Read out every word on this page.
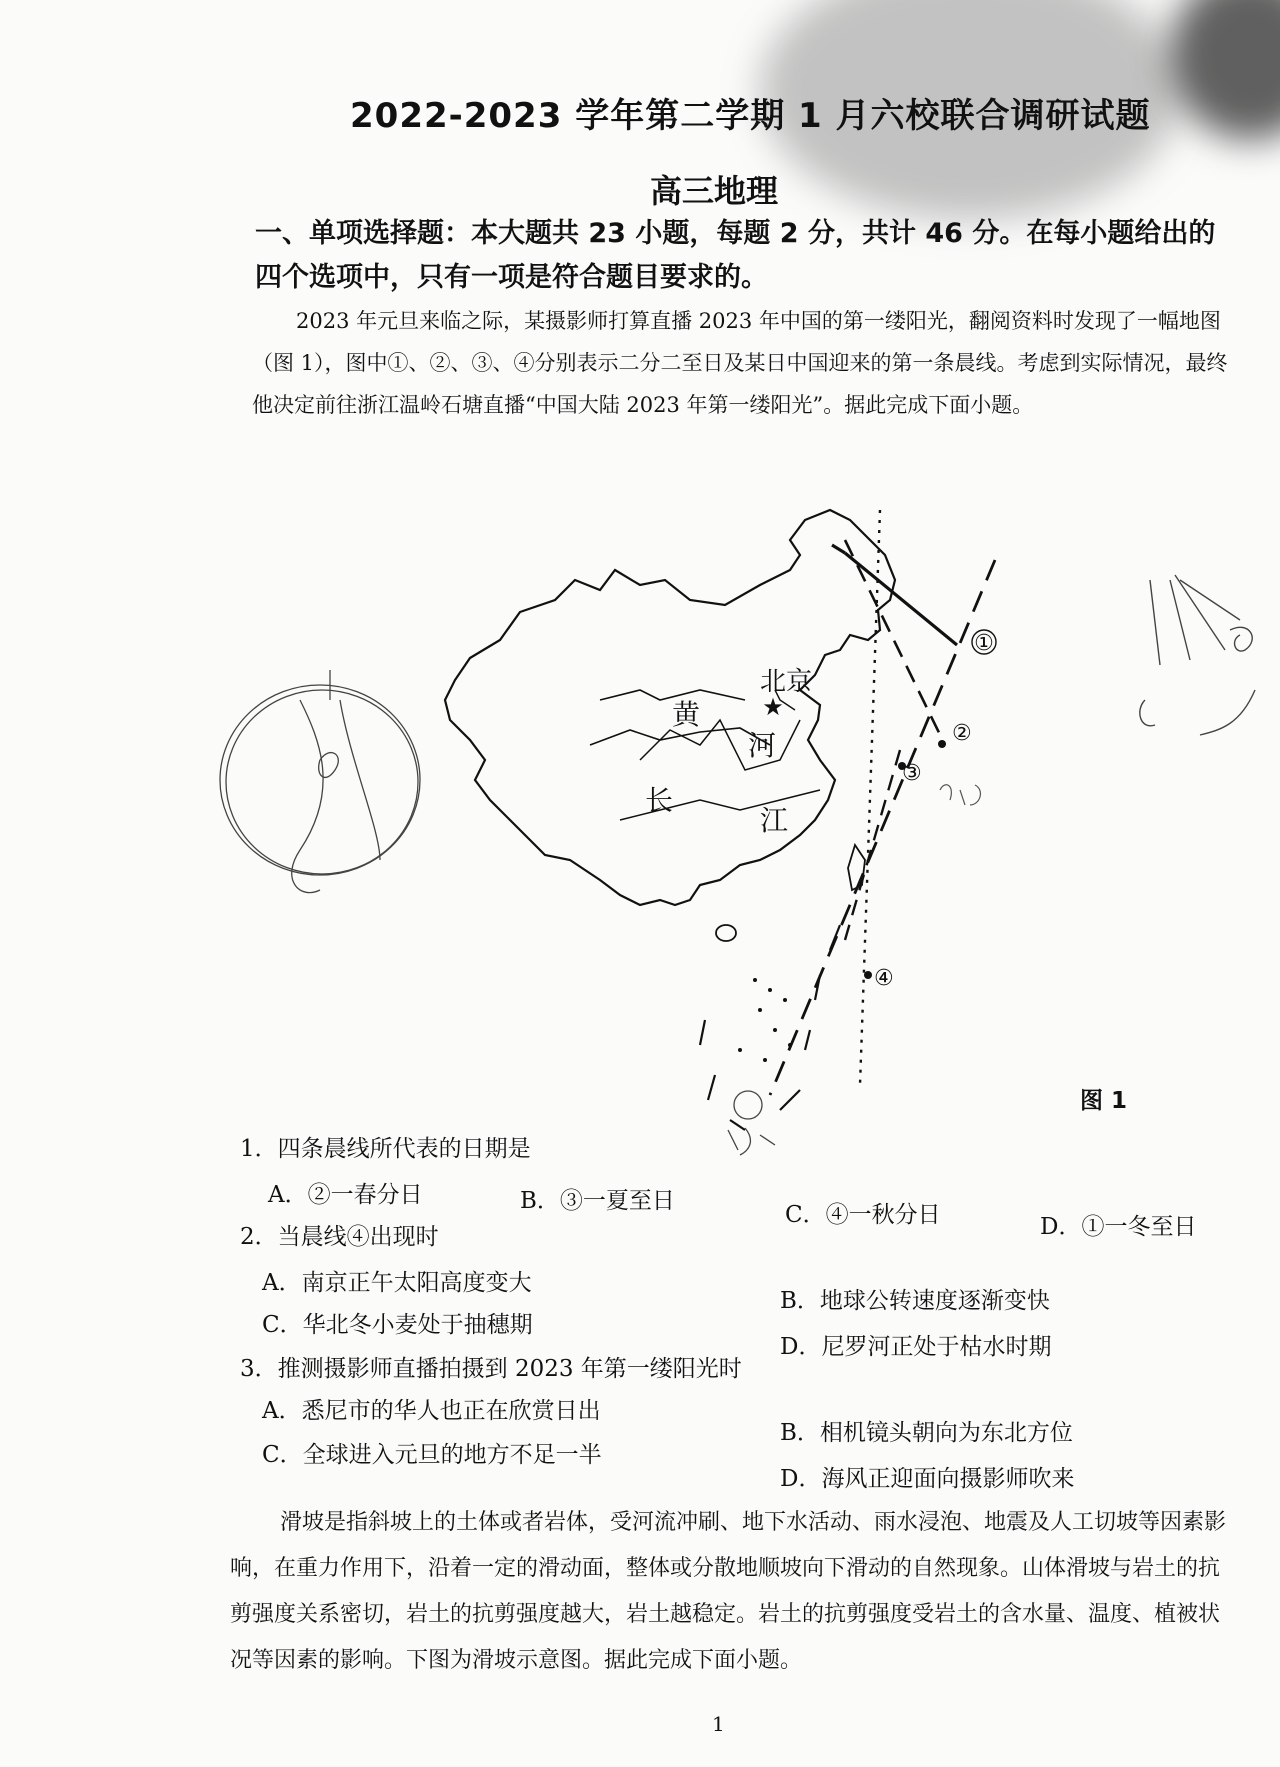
2022-2023 学年第二学期 1 月六校联合调研试题
高三地理
一、单项选择题：本大题共 23 小题，每题 2 分，共计 46 分。在每小题给出的四个选项中，只有一项是符合题目要求的。
2023 年元旦来临之际，某摄影师打算直播 2023 年中国的第一缕阳光，翻阅资料时发现了一幅地图（图 1），图中①、②、③、④分别表示二分二至日及某日中国迎来的第一条晨线。考虑到实际情况，最终他决定前往浙江温岭石塘直播“中国大陆 2023 年第一缕阳光”。据此完成下面小题。
★
北京
黄
河
长
江
①
②
③
④
图 1
1．四条晨线所代表的日期是
A．②一春分日	B．③一夏至日
C．④一秋分日	D．①一冬至日
2．当晨线④出现时
A．南京正午太阳高度变大
B．地球公转速度逐渐变快
C．华北冬小麦处于抽穗期
D．尼罗河正处于枯水时期
3．推测摄影师直播拍摄到 2023 年第一缕阳光时
A．悉尼市的华人也正在欣赏日出
B．相机镜头朝向为东北方位
C．全球进入元旦的地方不足一半
D．海风正迎面向摄影师吹来
滑坡是指斜坡上的土体或者岩体，受河流冲刷、地下水活动、雨水浸泡、地震及人工切坡等因素影响，在重力作用下，沿着一定的滑动面，整体或分散地顺坡向下滑动的自然现象。山体滑坡与岩土的抗剪强度关系密切，岩土的抗剪强度越大，岩土越稳定。岩土的抗剪强度受岩土的含水量、温度、植被状况等因素的影响。下图为滑坡示意图。据此完成下面小题。
1
